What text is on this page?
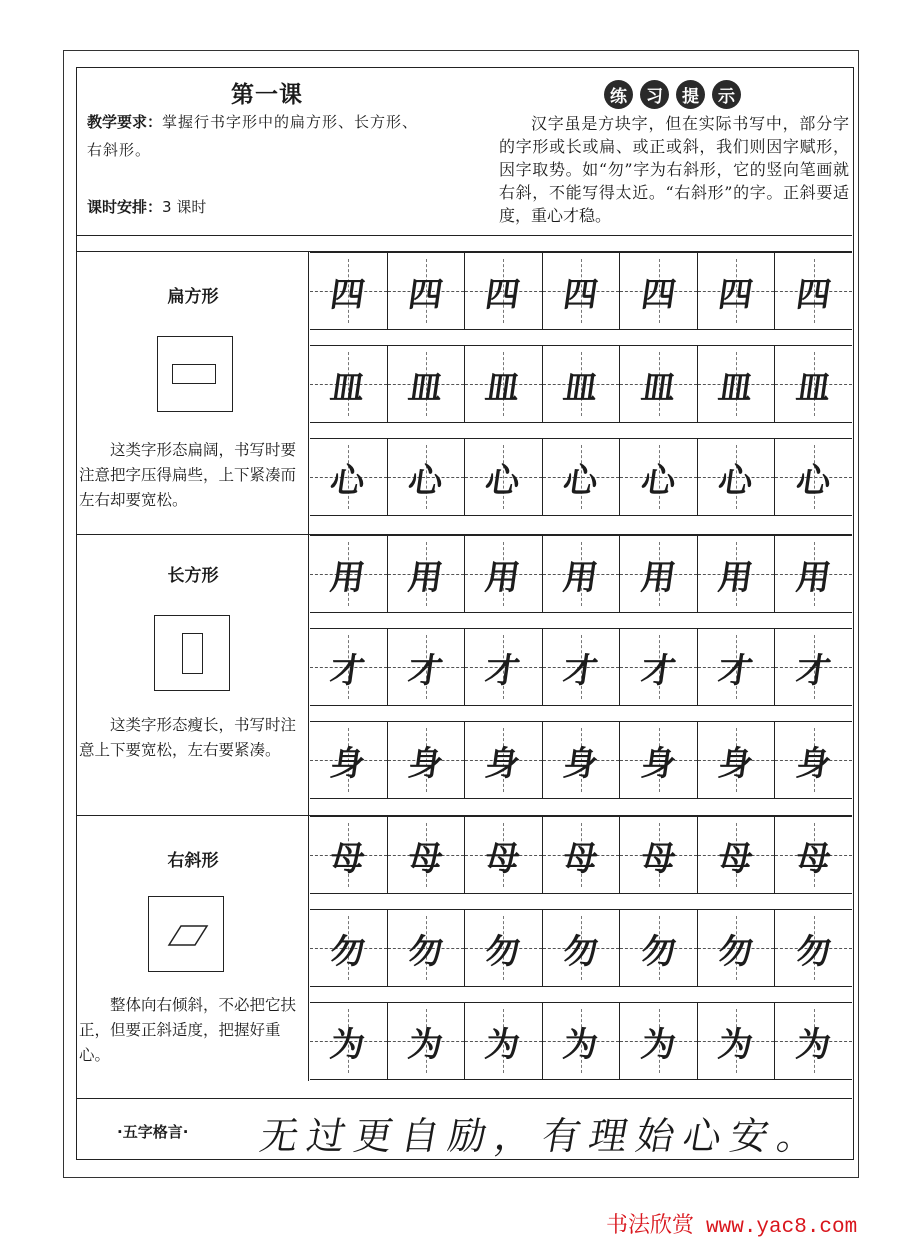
第一课
教学要求：掌握行书字形中的扁方形、长方形、右斜形。
课时安排：3 课时
练	习	提	示
汉字虽是方块字，但在实际书写中，部分字的字形或长或扁、或正或斜，我们则因字赋形，因字取势。如“勿”字为右斜形，它的竖向笔画就右斜，不能写得太近。“右斜形”的字。正斜要适度，重心才稳。
扁方形
这类字形态扁阔，书写时要注意把字压得扁些，上下紧凑而左右却要宽松。
四 四 四 四 四 四 四
皿 皿 皿 皿 皿 皿 皿
心 心 心 心 心 心 心
长方形
这类字形态瘦长，书写时注意上下要宽松，左右要紧凑。
用 用 用 用 用 用 用
才 才 才 才 才 才 才
身 身 身 身 身 身 身
右斜形
整体向右倾斜，不必把它扶正，但要正斜适度，把握好重心。
母 母 母 母 母 母 母
勿 勿 勿 勿 勿 勿 勿
为 为 为 为 为 为 为
·五字格言· 无过更自励，有理始心安。
书法欣赏 www.yac8.com
